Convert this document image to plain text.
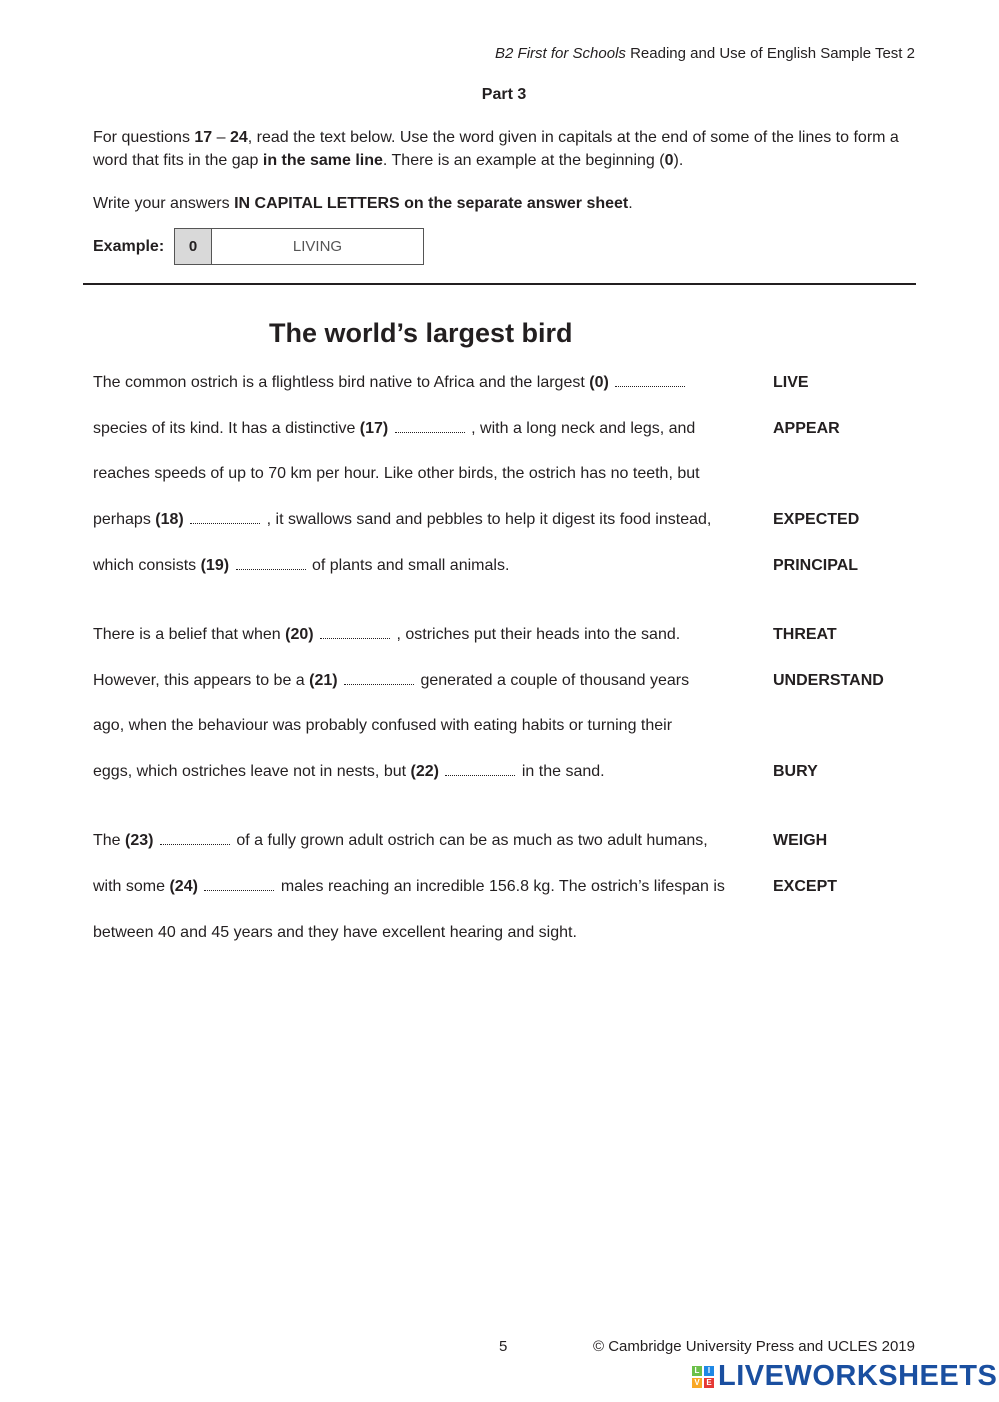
B2 First for Schools Reading and Use of English Sample Test 2
Part 3
For questions 17 – 24, read the text below. Use the word given in capitals at the end of some of the lines to form a word that fits in the gap in the same line. There is an example at the beginning (0).
Write your answers IN CAPITAL LETTERS on the separate answer sheet.
Example:	0	LIVING
The world’s largest bird
The common ostrich is a flightless bird native to Africa and the largest (0)	LIVE
species of its kind. It has a distinctive (17)	, with a long neck and legs, and	APPEAR
reaches speeds of up to 70 km per hour. Like other birds, the ostrich has no teeth, but
perhaps (18)	, it swallows sand and pebbles to help it digest its food instead,	EXPECTED
which consists (19)	of plants and small animals.	PRINCIPAL
There is a belief that when (20)	, ostriches put their heads into the sand.	THREAT
However, this appears to be a (21)	generated a couple of thousand years	UNDERSTAND
ago, when the behaviour was probably confused with eating habits or turning their
eggs, which ostriches leave not in nests, but (22)	in the sand.	BURY
The (23)	of a fully grown adult ostrich can be as much as two adult humans,	WEIGH
with some (24)	males reaching an incredible 156.8 kg. The ostrich’s lifespan is	EXCEPT
between 40 and 45 years and they have excellent hearing and sight.
5	© Cambridge University Press and UCLES 2019
L	I
V E LIVEWORKSHEETS
